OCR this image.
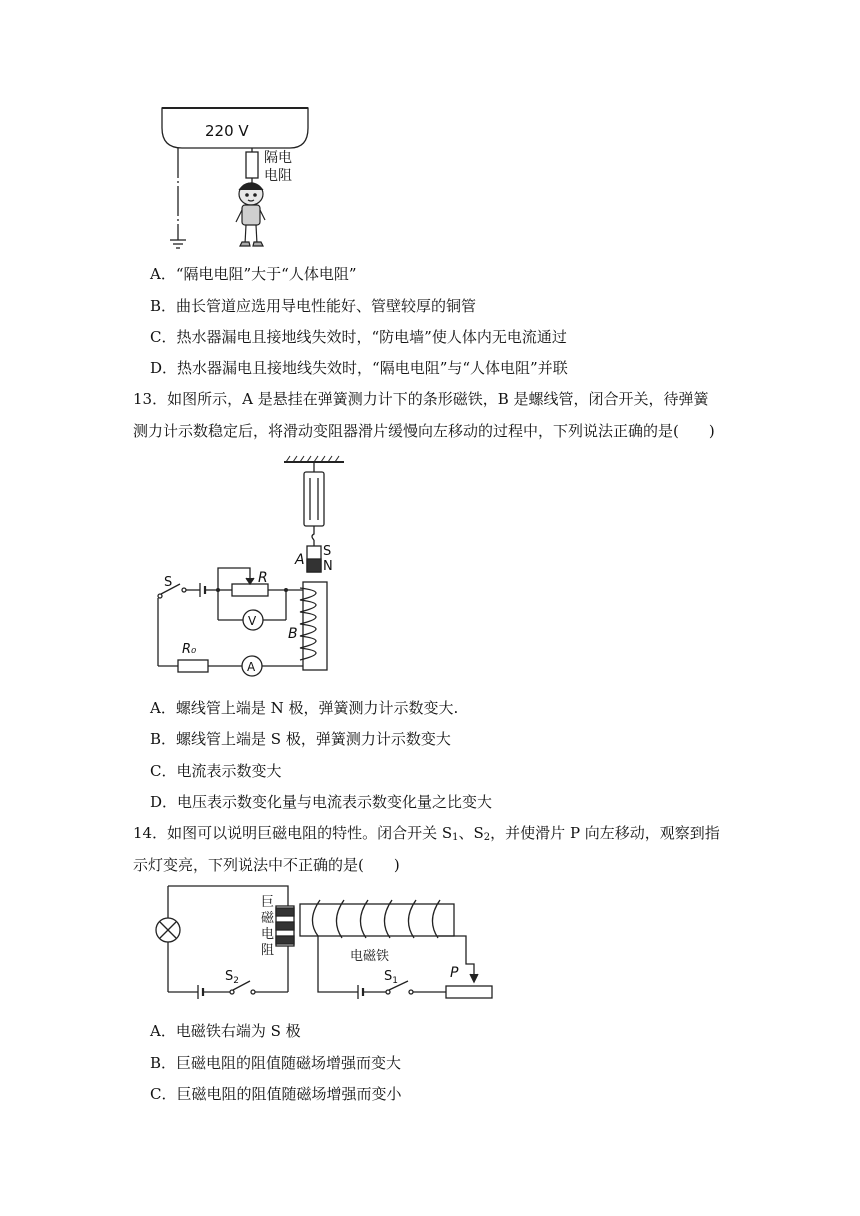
220 V
隔电
电阻
A．“隔电电阻”大于“人体电阻”
B．曲长管道应选用导电性能好、管壁较厚的铜管
C．热水器漏电且接地线失效时，“防电墙”使人体内无电流通过
D．热水器漏电且接地线失效时，“隔电电阻”与“人体电阻”并联
13．如图所示，A 是悬挂在弹簧测力计下的条形磁铁，B 是螺线管，闭合开关，待弹簧
测力计示数稳定后，将滑动变阻器滑片缓慢向左移动的过程中，下列说法正确的是(　　)
A
S
N
S	R
V
B
R₀
A
A．螺线管上端是 N 极，弹簧测力计示数变大.
B．螺线管上端是 S 极，弹簧测力计示数变大
C．电流表示数变大
D．电压表示数变化量与电流表示数变化量之比变大
14．如图可以说明巨磁电阻的特性。闭合开关 $S_1$、$S_2$，并使滑片 P 向左移动，观察到指
示灯变亮，下列说法中不正确的是(　　)
巨
磁
电
阻	电磁铁
$S_2$	$S_1$	P
A．电磁铁右端为 S 极
B．巨磁电阻的阻值随磁场增强而变大
C．巨磁电阻的阻值随磁场增强而变小
